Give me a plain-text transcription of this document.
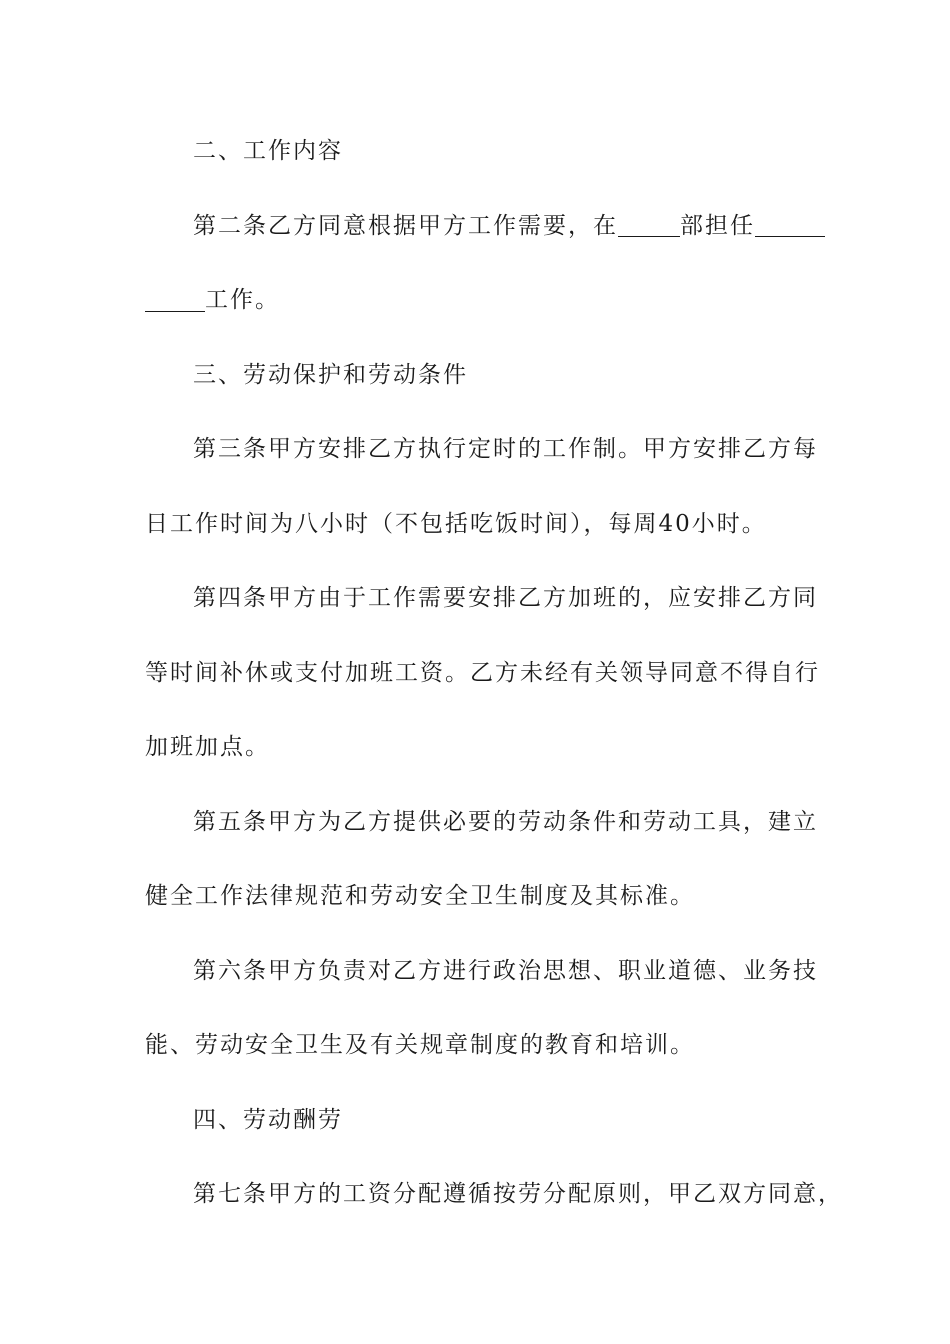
二、工作内容

第二条乙方同意根据甲方工作需要，在	部担任

工作。

三、劳动保护和劳动条件

第三条甲方安排乙方执行定时的工作制。甲方安排乙方每

日工作时间为八小时（不包括吃饭时间），每周40小时。

第四条甲方由于工作需要安排乙方加班的，应安排乙方同

等时间补休或支付加班工资。乙方未经有关领导同意不得自行

加班加点。

第五条甲方为乙方提供必要的劳动条件和劳动工具，建立

健全工作法律规范和劳动安全卫生制度及其标准。

第六条甲方负责对乙方进行政治思想、职业道德、业务技

能、劳动安全卫生及有关规章制度的教育和培训。

四、劳动酬劳

第七条甲方的工资分配遵循按劳分配原则，甲乙双方同意，
